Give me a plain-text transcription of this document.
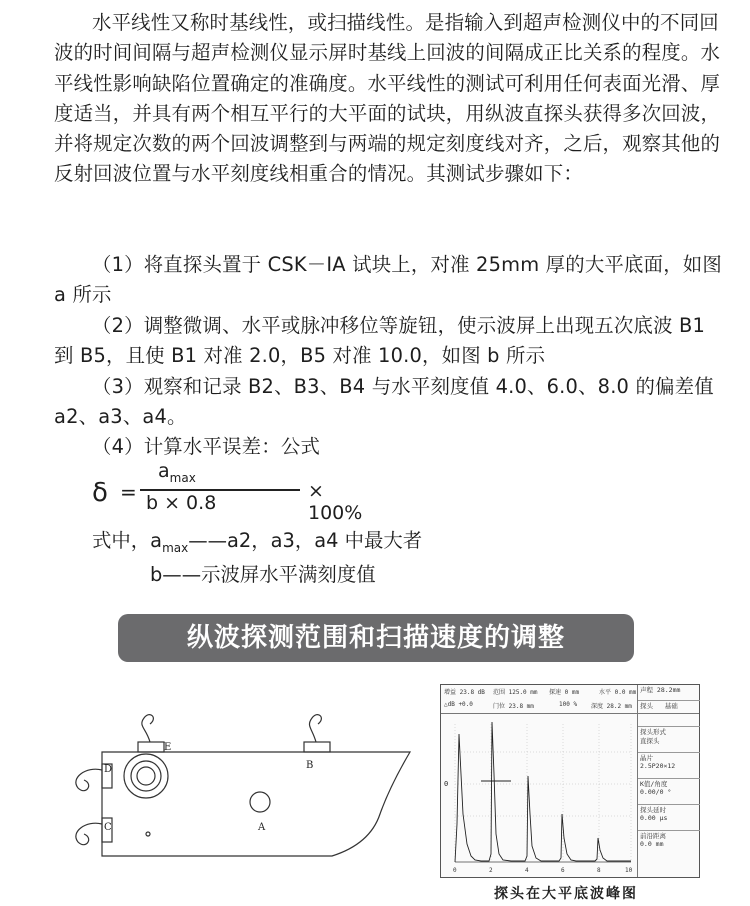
水平线性又称时基线性，或扫描线性。是指输入到超声检测仪中的不同回波的时间间隔与超声检测仪显示屏时基线上回波的间隔成正比关系的程度。水平线性影响缺陷位置确定的准确度。水平线性的测试可利用任何表面光滑、厚度适当，并具有两个相互平行的大平面的试块，用纵波直探头获得多次回波，并将规定次数的两个回波调整到与两端的规定刻度线对齐，之后，观察其他的反射回波位置与水平刻度线相重合的情况。其测试步骤如下：
（1）将直探头置于 CSK－IA 试块上，对准 25mm 厚的大平底面，如图 a 所示
（2）调整微调、水平或脉冲移位等旋钮，使示波屏上出现五次底波 B1 到 B5，且使 B1 对准 2.0，B5 对准 10.0，如图 b 所示
（3）观察和记录 B2、B3、B4 与水平刻度值 4.0、6.0、8.0 的偏差值 a2、a3、a4。
（4）计算水平误差：公式
δ =
$a_{max}$
b × 0.8
× 100%
式中，$a_{max}——a2$，a3，a4 中最大者
b——示波屏水平满刻度值
纵波探测范围和扫描速度的调整
A
B
C
D
E
增益 23.8 dB 范围 125.0 mm 探速 0 mm	水平 0.0 mm
△dB +0.0	门位 23.8 mm	100 % 深度 28.2 mm
声程 28.2mm
探头 基础
探头形式
直探头
晶片
2.5P20×12
K值/角度
0.00/0 °
探头延时
0.00 μs
前沿距离
0.0 mm
0
0	2	4	6	8	10
探头在大平底波峰图
